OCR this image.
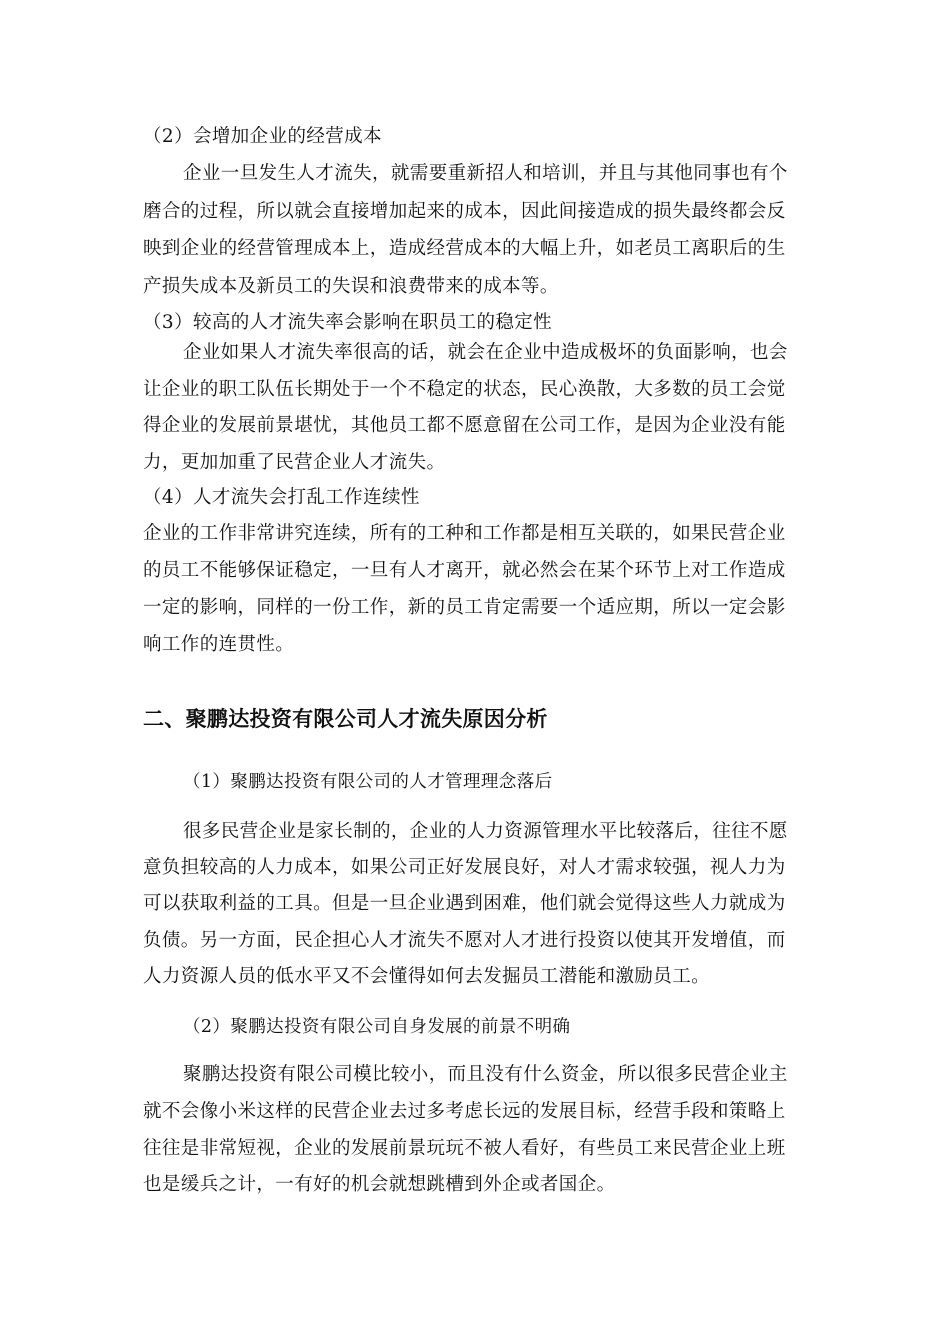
（2）会增加企业的经营成本
企业一旦发生人才流失，就需要重新招人和培训，并且与其他同事也有个
磨合的过程，所以就会直接增加起来的成本，因此间接造成的损失最终都会反
映到企业的经营管理成本上，造成经营成本的大幅上升，如老员工离职后的生
产损失成本及新员工的失误和浪费带来的成本等。
（3）较高的人才流失率会影响在职员工的稳定性
企业如果人才流失率很高的话，就会在企业中造成极坏的负面影响，也会
让企业的职工队伍长期处于一个不稳定的状态，民心涣散，大多数的员工会觉
得企业的发展前景堪忧，其他员工都不愿意留在公司工作，是因为企业没有能
力，更加加重了民营企业人才流失。
（4）人才流失会打乱工作连续性
企业的工作非常讲究连续，所有的工种和工作都是相互关联的，如果民营企业
的员工不能够保证稳定，一旦有人才离开，就必然会在某个环节上对工作造成
一定的影响，同样的一份工作，新的员工肯定需要一个适应期，所以一定会影
响工作的连贯性。
二、聚鹏达投资有限公司人才流失原因分析
（1）聚鹏达投资有限公司的人才管理理念落后
很多民营企业是家长制的，企业的人力资源管理水平比较落后，往往不愿
意负担较高的人力成本，如果公司正好发展良好，对人才需求较强，视人力为
可以获取利益的工具。但是一旦企业遇到困难，他们就会觉得这些人力就成为
负债。另一方面，民企担心人才流失不愿对人才进行投资以使其开发增值，而
人力资源人员的低水平又不会懂得如何去发掘员工潜能和激励员工。
（2）聚鹏达投资有限公司自身发展的前景不明确
聚鹏达投资有限公司模比较小，而且没有什么资金，所以很多民营企业主
就不会像小米这样的民营企业去过多考虑长远的发展目标，经营手段和策略上
往往是非常短视，企业的发展前景玩玩不被人看好，有些员工来民营企业上班
也是缓兵之计，一有好的机会就想跳槽到外企或者国企。
